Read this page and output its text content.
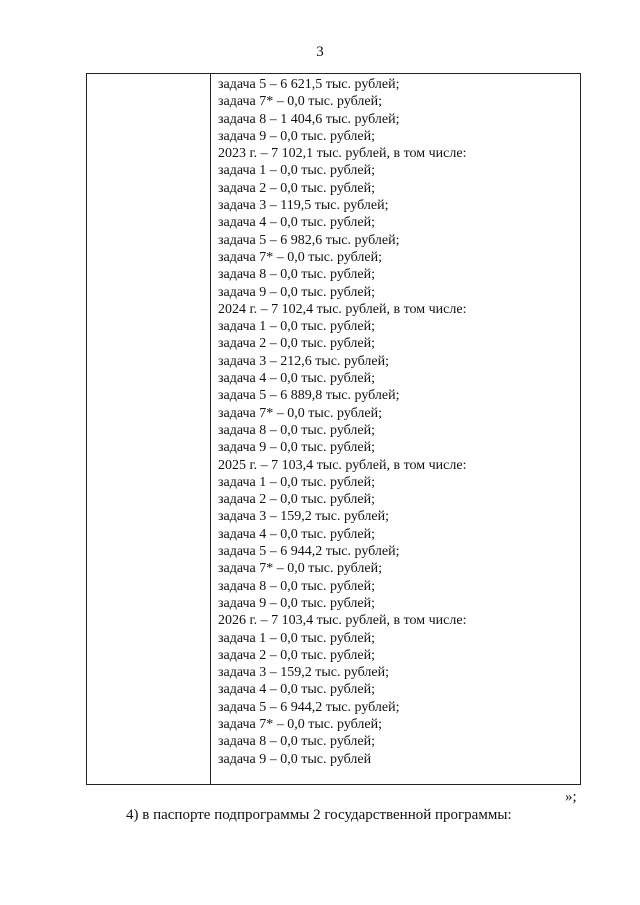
3
задача 5 – 6 621,5 тыс. рублей;
задача 7* – 0,0 тыс. рублей;
задача 8 – 1 404,6 тыс. рублей;
задача 9 – 0,0 тыс. рублей;
2023 г. – 7 102,1 тыс. рублей, в том числе:
задача 1 – 0,0 тыс. рублей;
задача 2 – 0,0 тыс. рублей;
задача 3 – 119,5 тыс. рублей;
задача 4 – 0,0 тыс. рублей;
задача 5 – 6 982,6 тыс. рублей;
задача 7* – 0,0 тыс. рублей;
задача 8 – 0,0 тыс. рублей;
задача 9 – 0,0 тыс. рублей;
2024 г. – 7 102,4 тыс. рублей, в том числе:
задача 1 – 0,0 тыс. рублей;
задача 2 – 0,0 тыс. рублей;
задача 3 – 212,6 тыс. рублей;
задача 4 – 0,0 тыс. рублей;
задача 5 – 6 889,8 тыс. рублей;
задача 7* – 0,0 тыс. рублей;
задача 8 – 0,0 тыс. рублей;
задача 9 – 0,0 тыс. рублей;
2025 г. – 7 103,4 тыс. рублей, в том числе:
задача 1 – 0,0 тыс. рублей;
задача 2 – 0,0 тыс. рублей;
задача 3 – 159,2 тыс. рублей;
задача 4 – 0,0 тыс. рублей;
задача 5 – 6 944,2 тыс. рублей;
задача 7* – 0,0 тыс. рублей;
задача 8 – 0,0 тыс. рублей;
задача 9 – 0,0 тыс. рублей;
2026 г. – 7 103,4 тыс. рублей, в том числе:
задача 1 – 0,0 тыс. рублей;
задача 2 – 0,0 тыс. рублей;
задача 3 – 159,2 тыс. рублей;
задача 4 – 0,0 тыс. рублей;
задача 5 – 6 944,2 тыс. рублей;
задача 7* – 0,0 тыс. рублей;
задача 8 – 0,0 тыс. рублей;
задача 9 – 0,0 тыс. рублей
»;
4) в паспорте подпрограммы 2 государственной программы:
